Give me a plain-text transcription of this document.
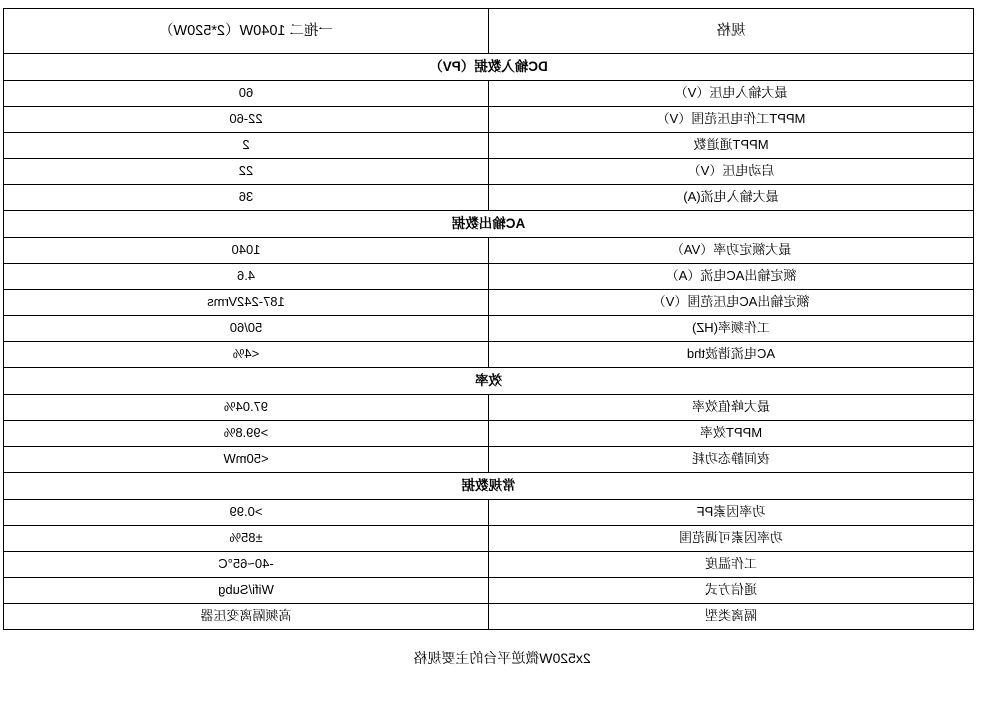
规格	一拖二 1040W（2*520W）
DC输入数据（PV）	
最大输入电压（V）	60
MPPT工作电压范围（V）	22-60
MPPT通道数	2
启动电压（V）	22
最大输入电流(A)	36
AC输出数据	
最大额定功率（VA）	1040
额定输出AC电流（A）	4.6
额定输出AC电压范围（V）	187-242Vrms
工作频率(HZ)	50/60
AC电流谐波thd	<4%
效率	
最大峰值效率	97.04%
MPPT效率	>99.8%
夜间静态功耗	<50mW
常规数据	
功率因素PF	>0.99
功率因素可调范围	±85%
工作温度	-40~65°C
通信方式	Wifi/Subg
隔离类型	高频隔离变压器
2x520W微逆平台的主要规格
